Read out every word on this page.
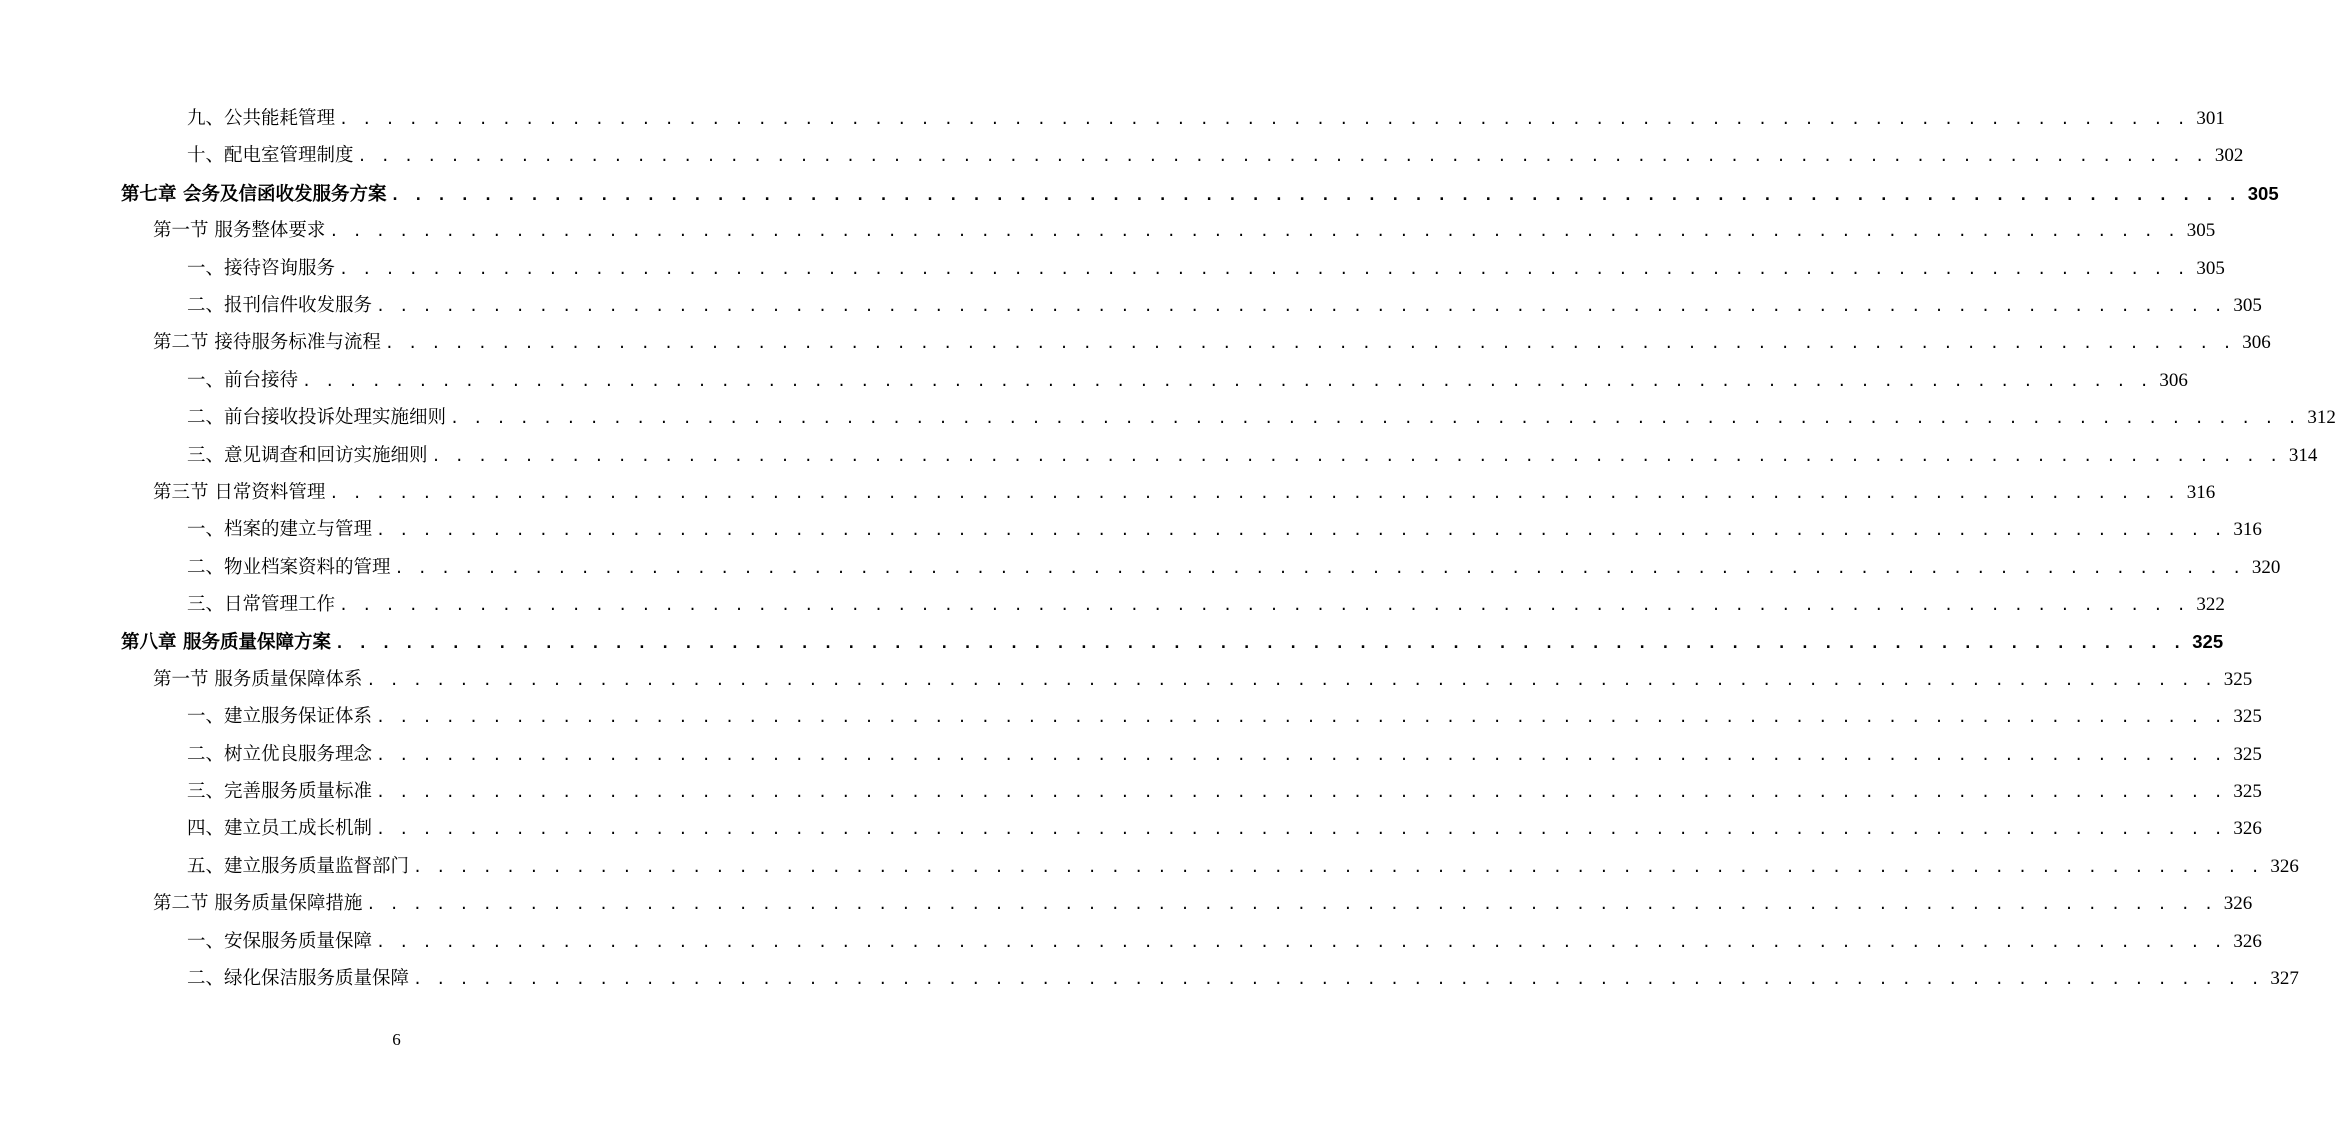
九、公共能耗管理 . . . . . . . . . . . . . . . . . . . . . . . . . . . . . . . . . . . . . . . . . . . . . . . . . . . . . . . . . . . . . . . . . . . . . . . . . . . . . . . . 301
十、配电室管理制度 . . . . . . . . . . . . . . . . . . . . . . . . . . . . . . . . . . . . . . . . . . . . . . . . . . . . . . . . . . . . . . . . . . . . . . . . . . . . . . . . 302
第七章 会务及信函收发服务方案 . . . . . . . . . . . . . . . . . . . . . . . . . . . . . . . . . . . . . . . . . . . . . . . . . . . . . . . . . . . . . . . . . . . . . . . . . . . . . . . . 305
第一节 服务整体要求 . . . . . . . . . . . . . . . . . . . . . . . . . . . . . . . . . . . . . . . . . . . . . . . . . . . . . . . . . . . . . . . . . . . . . . . . . . . . . . . . 305
一、接待咨询服务 . . . . . . . . . . . . . . . . . . . . . . . . . . . . . . . . . . . . . . . . . . . . . . . . . . . . . . . . . . . . . . . . . . . . . . . . . . . . . . . . 305
二、报刊信件收发服务 . . . . . . . . . . . . . . . . . . . . . . . . . . . . . . . . . . . . . . . . . . . . . . . . . . . . . . . . . . . . . . . . . . . . . . . . . . . . . . . . 305
第二节 接待服务标准与流程 . . . . . . . . . . . . . . . . . . . . . . . . . . . . . . . . . . . . . . . . . . . . . . . . . . . . . . . . . . . . . . . . . . . . . . . . . . . . . . . . 306
一、前台接待 . . . . . . . . . . . . . . . . . . . . . . . . . . . . . . . . . . . . . . . . . . . . . . . . . . . . . . . . . . . . . . . . . . . . . . . . . . . . . . . . 306
二、前台接收投诉处理实施细则 . . . . . . . . . . . . . . . . . . . . . . . . . . . . . . . . . . . . . . . . . . . . . . . . . . . . . . . . . . . . . . . . . . . . . . . . . . . . . . . . 312
三、意见调查和回访实施细则 . . . . . . . . . . . . . . . . . . . . . . . . . . . . . . . . . . . . . . . . . . . . . . . . . . . . . . . . . . . . . . . . . . . . . . . . . . . . . . . . 314
第三节 日常资料管理 . . . . . . . . . . . . . . . . . . . . . . . . . . . . . . . . . . . . . . . . . . . . . . . . . . . . . . . . . . . . . . . . . . . . . . . . . . . . . . . . 316
一、档案的建立与管理 . . . . . . . . . . . . . . . . . . . . . . . . . . . . . . . . . . . . . . . . . . . . . . . . . . . . . . . . . . . . . . . . . . . . . . . . . . . . . . . . 316
二、物业档案资料的管理 . . . . . . . . . . . . . . . . . . . . . . . . . . . . . . . . . . . . . . . . . . . . . . . . . . . . . . . . . . . . . . . . . . . . . . . . . . . . . . . . 320
三、日常管理工作 . . . . . . . . . . . . . . . . . . . . . . . . . . . . . . . . . . . . . . . . . . . . . . . . . . . . . . . . . . . . . . . . . . . . . . . . . . . . . . . . 322
第八章 服务质量保障方案 . . . . . . . . . . . . . . . . . . . . . . . . . . . . . . . . . . . . . . . . . . . . . . . . . . . . . . . . . . . . . . . . . . . . . . . . . . . . . . . . 325
第一节 服务质量保障体系 . . . . . . . . . . . . . . . . . . . . . . . . . . . . . . . . . . . . . . . . . . . . . . . . . . . . . . . . . . . . . . . . . . . . . . . . . . . . . . . . 325
一、建立服务保证体系 . . . . . . . . . . . . . . . . . . . . . . . . . . . . . . . . . . . . . . . . . . . . . . . . . . . . . . . . . . . . . . . . . . . . . . . . . . . . . . . . 325
二、树立优良服务理念 . . . . . . . . . . . . . . . . . . . . . . . . . . . . . . . . . . . . . . . . . . . . . . . . . . . . . . . . . . . . . . . . . . . . . . . . . . . . . . . . 325
三、完善服务质量标准 . . . . . . . . . . . . . . . . . . . . . . . . . . . . . . . . . . . . . . . . . . . . . . . . . . . . . . . . . . . . . . . . . . . . . . . . . . . . . . . . 325
四、建立员工成长机制 . . . . . . . . . . . . . . . . . . . . . . . . . . . . . . . . . . . . . . . . . . . . . . . . . . . . . . . . . . . . . . . . . . . . . . . . . . . . . . . . 326
五、建立服务质量监督部门 . . . . . . . . . . . . . . . . . . . . . . . . . . . . . . . . . . . . . . . . . . . . . . . . . . . . . . . . . . . . . . . . . . . . . . . . . . . . . . . . 326
第二节 服务质量保障措施 . . . . . . . . . . . . . . . . . . . . . . . . . . . . . . . . . . . . . . . . . . . . . . . . . . . . . . . . . . . . . . . . . . . . . . . . . . . . . . . . 326
一、安保服务质量保障 . . . . . . . . . . . . . . . . . . . . . . . . . . . . . . . . . . . . . . . . . . . . . . . . . . . . . . . . . . . . . . . . . . . . . . . . . . . . . . . . 326
二、绿化保洁服务质量保障 . . . . . . . . . . . . . . . . . . . . . . . . . . . . . . . . . . . . . . . . . . . . . . . . . . . . . . . . . . . . . . . . . . . . . . . . . . . . . . . . 327
6
